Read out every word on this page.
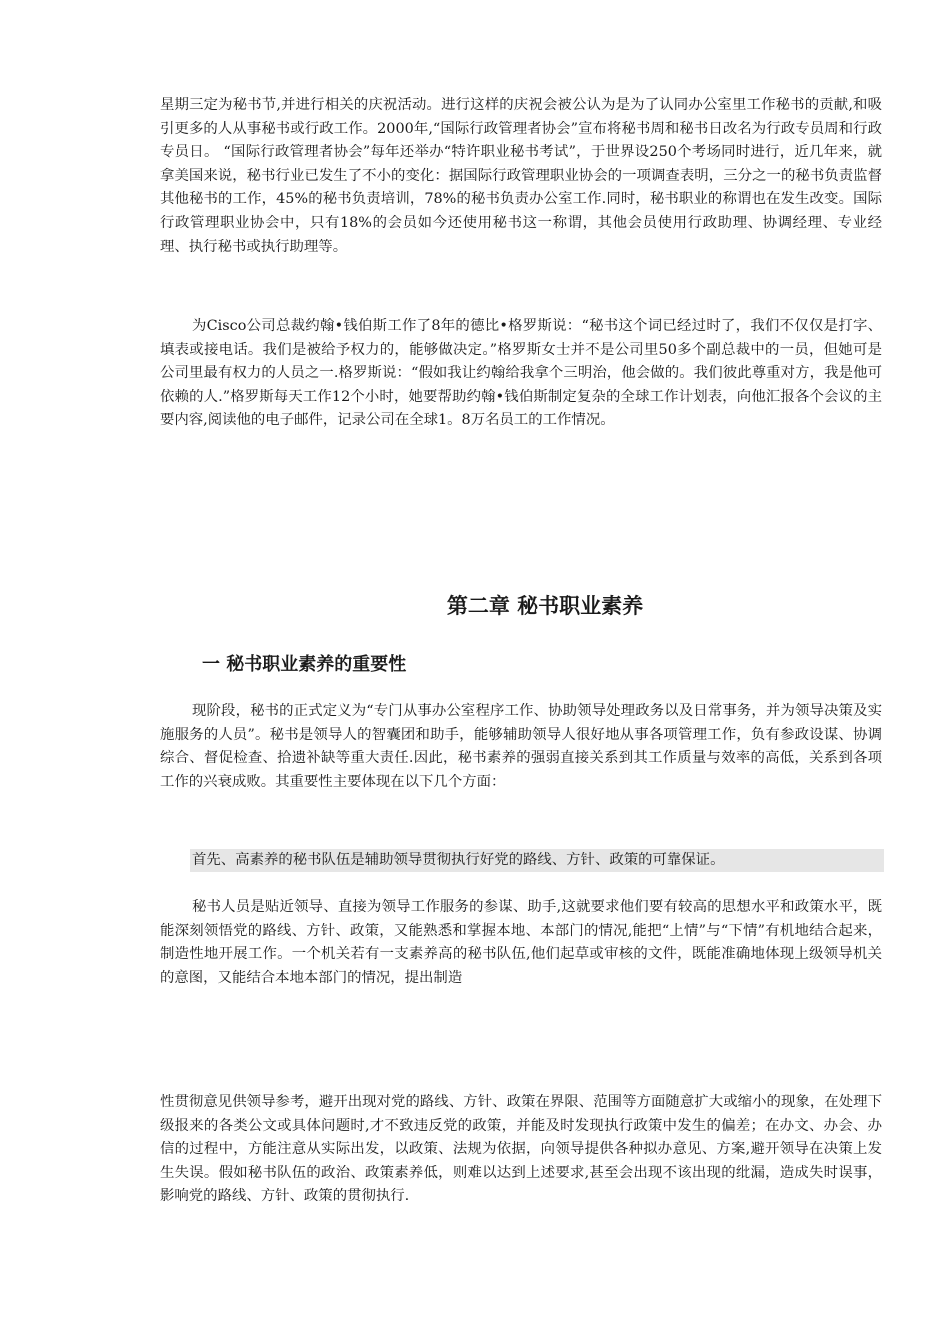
星期三定为秘书节,并进行相关的庆祝活动。进行这样的庆祝会被公认为是为了认同办公室里工作秘书的贡献,和吸引更多的人从事秘书或行政工作。2000年,“国际行政管理者协会”宣布将秘书周和秘书日改名为行政专员周和行政专员日。 “国际行政管理者协会”每年还举办“特许职业秘书考试”，于世界设250个考场同时进行，近几年来，就拿美国来说，秘书行业已发生了不小的变化：据国际行政管理职业协会的一项调查表明，三分之一的秘书负责监督其他秘书的工作，45%的秘书负责培训，78%的秘书负责办公室工作.同时，秘书职业的称谓也在发生改变。国际行政管理职业协会中，只有18%的会员如今还使用秘书这一称谓，其他会员使用行政助理、协调经理、专业经理、执行秘书或执行助理等。

为Cisco公司总裁约翰•钱伯斯工作了8年的德比•格罗斯说：“秘书这个词已经过时了，我们不仅仅是打字、填表或接电话。我们是被给予权力的，能够做决定。”格罗斯女士并不是公司里50多个副总裁中的一员，但她可是公司里最有权力的人员之一.格罗斯说：“假如我让约翰给我拿个三明治，他会做的。我们彼此尊重对方，我是他可依赖的人.”格罗斯每天工作12个小时，她要帮助约翰•钱伯斯制定复杂的全球工作计划表，向他汇报各个会议的主要内容,阅读他的电子邮件，记录公司在全球1。8万名员工的工作情况。

第二章 秘书职业素养
一 秘书职业素养的重要性

现阶段，秘书的正式定义为“专门从事办公室程序工作、协助领导处理政务以及日常事务，并为领导决策及实施服务的人员”。秘书是领导人的智囊团和助手，能够辅助领导人很好地从事各项管理工作，负有参政设谋、协调综合、督促检查、拾遗补缺等重大责任.因此，秘书素养的强弱直接关系到其工作质量与效率的高低，关系到各项工作的兴衰成败。其重要性主要体现在以下几个方面：

首先、高素养的秘书队伍是辅助领导贯彻执行好党的路线、方针、政策的可靠保证。

秘书人员是贴近领导、直接为领导工作服务的参谋、助手,这就要求他们要有较高的思想水平和政策水平，既能深刻领悟党的路线、方针、政策，又能熟悉和掌握本地、本部门的情况,能把“上情”与“下情”有机地结合起来，制造性地开展工作。一个机关若有一支素养高的秘书队伍,他们起草或审核的文件，既能准确地体现上级领导机关的意图，又能结合本地本部门的情况，提出制造

性贯彻意见供领导参考，避开出现对党的路线、方针、政策在界限、范围等方面随意扩大或缩小的现象，在处理下级报来的各类公文或具体问题时,才不致违反党的政策，并能及时发现执行政策中发生的偏差；在办文、办会、办信的过程中，方能注意从实际出发，以政策、法规为依据，向领导提供各种拟办意见、方案,避开领导在决策上发生失误。假如秘书队伍的政治、政策素养低，则难以达到上述要求,甚至会出现不该出现的纰漏，造成失时误事，影响党的路线、方针、政策的贯彻执行.
